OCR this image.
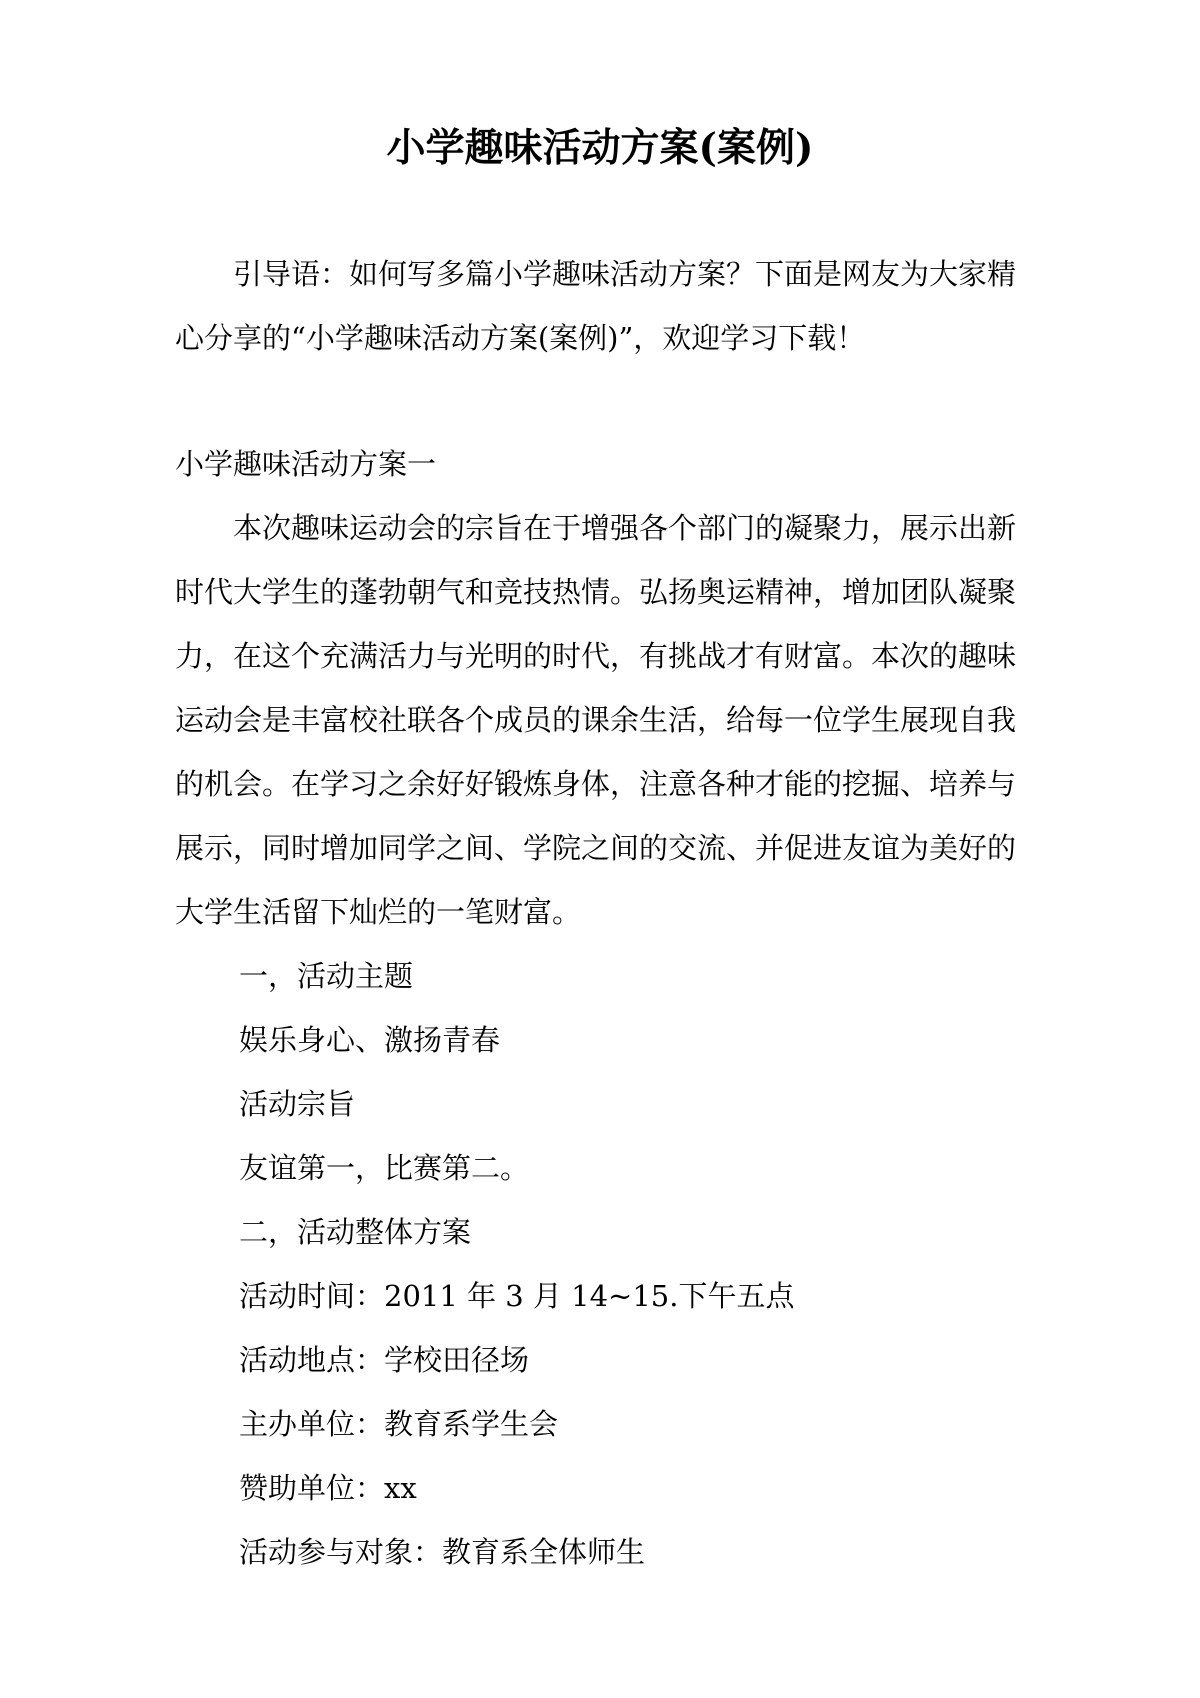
小学趣味活动方案(案例)

引导语：如何写多篇小学趣味活动方案？下面是网友为大家精心分享的“小学趣味活动方案(案例)”，欢迎学习下载！

小学趣味活动方案一

本次趣味运动会的宗旨在于增强各个部门的凝聚力，展示出新时代大学生的蓬勃朝气和竞技热情。弘扬奥运精神，增加团队凝聚力，在这个充满活力与光明的时代，有挑战才有财富。本次的趣味运动会是丰富校社联各个成员的课余生活，给每一位学生展现自我的机会。在学习之余好好锻炼身体，注意各种才能的挖掘、培养与展示，同时增加同学之间、学院之间的交流、并促进友谊为美好的大学生活留下灿烂的一笔财富。

一，活动主题
娱乐身心、激扬青春
活动宗旨
友谊第一，比赛第二。
二，活动整体方案
活动时间：2011 年 3 月 14~15.下午五点
活动地点：学校田径场
主办单位：教育系学生会
赞助单位：xx
活动参与对象：教育系全体师生
